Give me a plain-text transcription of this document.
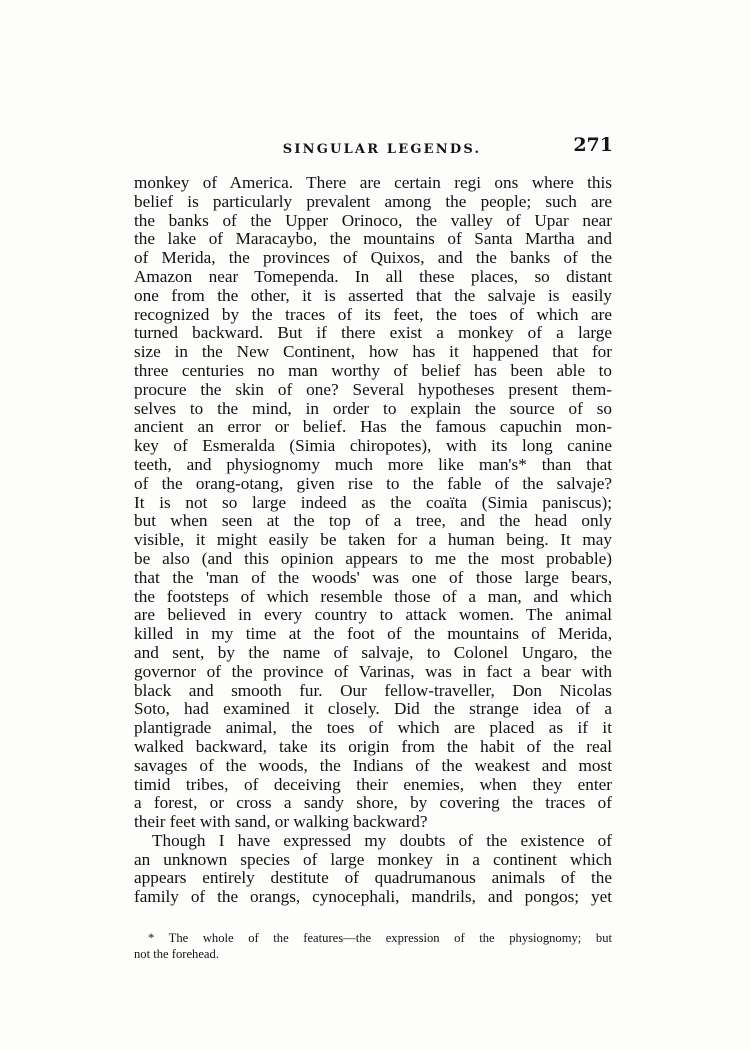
SINGULAR LEGENDS.	271
monkey of America. There are certain regi ons where this
belief is particularly prevalent among the people; such are
the banks of the Upper Orinoco, the valley of Upar near
the lake of Maracaybo, the mountains of Santa Martha and
of Merida, the provinces of Quixos, and the banks of the
Amazon near Tomependa. In all these places, so distant
one from the other, it is asserted that the salvaje is easily
recognized by the traces of its feet, the toes of which are
turned backward. But if there exist a monkey of a large
size in the New Continent, how has it happened that for
three centuries no man worthy of belief has been able to
procure the skin of one? Several hypotheses present them-
selves to the mind, in order to explain the source of so
ancient an error or belief. Has the famous capuchin mon-
key of Esmeralda (Simia chiropotes), with its long canine
teeth, and physiognomy much more like man's* than that
of the orang-otang, given rise to the fable of the salvaje?
It is not so large indeed as the coaïta (Simia paniscus);
but when seen at the top of a tree, and the head only
visible, it might easily be taken for a human being. It may
be also (and this opinion appears to me the most probable)
that the 'man of the woods' was one of those large bears,
the footsteps of which resemble those of a man, and which
are believed in every country to attack women. The animal
killed in my time at the foot of the mountains of Merida,
and sent, by the name of salvaje, to Colonel Ungaro, the
governor of the province of Varinas, was in fact a bear with
black and smooth fur. Our fellow-traveller, Don Nicolas
Soto, had examined it closely. Did the strange idea of a
plantigrade animal, the toes of which are placed as if it
walked backward, take its origin from the habit of the real
savages of the woods, the Indians of the weakest and most
timid tribes, of deceiving their enemies, when they enter
a forest, or cross a sandy shore, by covering the traces of
their feet with sand, or walking backward?
Though I have expressed my doubts of the existence of
an unknown species of large monkey in a continent which
appears entirely destitute of quadrumanous animals of the
family of the orangs, cynocephali, mandrils, and pongos; yet
* The whole of the features—the expression of the physiognomy; but
not the forehead.
